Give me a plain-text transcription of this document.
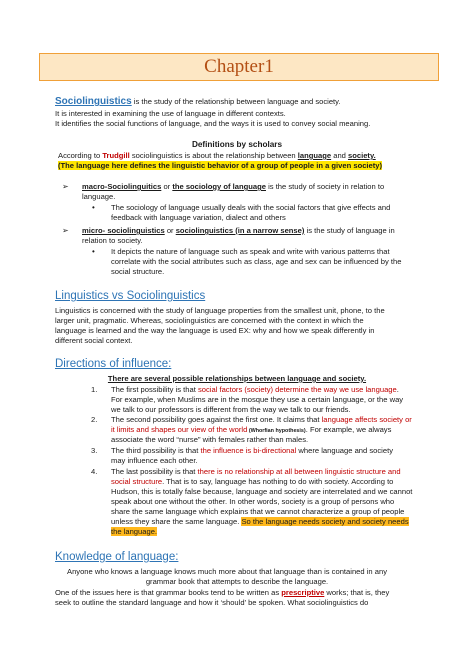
Chapter1
Sociolinguistics is the study of the relationship between language and society.
It is interested in examining the use of language in different contexts.
It identifies the social functions of language, and the ways it is used to convey social meaning.
Definitions by scholars
According to Trudgill sociolinguistics is about the relationship between language and society.
(The language here defines the linguistic behavior of a group of people in a given society)
➢ macro-Sociolinguitics or the sociology of language is the study of society in relation to
language.
• The sociology of language usually deals with the social factors that give effects and
feedback with language variation, dialect and others
➢ micro- sociolinguistics or sociolinguistics (in a narrow sense) is the study of language in
relation to society.
• It depicts the nature of language such as speak and write with various patterns that
correlate with the social attributes such as class, age and sex can be influenced by the
social structure.
Linguistics vs Sociolinguistics
Linguistics is concerned with the study of language properties from the smallest unit, phone, to the
larger unit, pragmatic. Whereas, sociolinguistics are concerned with the context in which the
language is learned and the way the language is used EX: why and how we speak differently in
different social context.
Directions of influence:
There are several possible relationships between language and society.
1. The first possibility is that social factors (society) determine the way we use language.
For example, when Muslims are in the mosque they use a certain language, or the way
we talk to our professors is different from the way we talk to our friends.
2. The second possibility goes against the first one. It claims that language affects society or
it limits and shapes our view of the world (Whorfian hypothesis). For example, we always
associate the word “nurse” with females rather than males.
3. The third possibility is that the influence is bi-directional where language and society
may influence each other.
4. The last possibility is that there is no relationship at all between linguistic structure and
social structure. That is to say, language has nothing to do with society. According to
Hudson, this is totally false because, language and society are interrelated and we cannot
speak about one without the other. In other words, society is a group of persons who
share the same language which explains that we cannot characterize a group of people
unless they share the same language. So the language needs society and society needs
the language.
Knowledge of language:
Anyone who knows a language knows much more about that language than is contained in any
grammar book that attempts to describe the language.
One of the issues here is that grammar books tend to be written as prescriptive works; that is, they
seek to outline the standard language and how it ‘should’ be spoken. What sociolinguistics do
